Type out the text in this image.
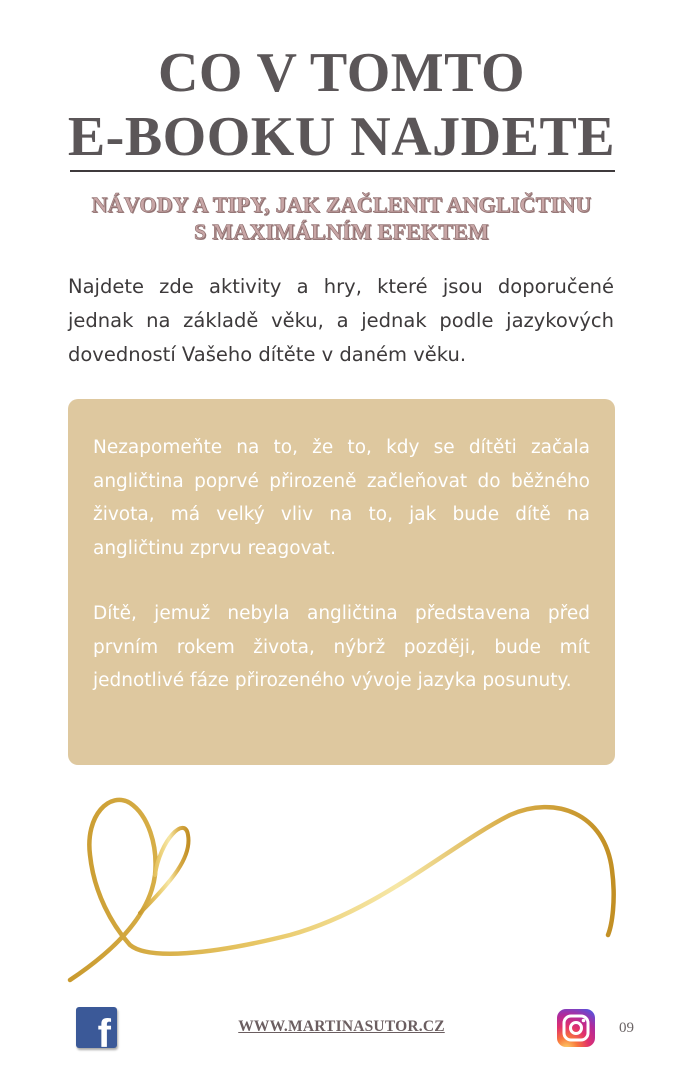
CO V TOMTO
E-BOOKU NAJDETE
NÁVODY A TIPY, JAK ZAČLENIT ANGLIČTINU
S MAXIMÁLNÍM EFEKTEM

Najdete zde aktivity a hry, které jsou doporučené jednak na základě věku, a jednak podle jazykových dovedností Vašeho dítěte v daném věku.

Nezapomeňte na to, že to, kdy se dítěti začala angličtina poprvé přirozeně začleňovat do běžného života, má velký vliv na to, jak bude dítě na angličtinu zprvu reagovat.

Dítě, jemuž nebyla angličtina představena před prvním rokem života, nýbrž později, bude mít jednotlivé fáze přirozeného vývoje jazyka posunuty.

f	WWW.MARTINASUTOR.CZ	09
